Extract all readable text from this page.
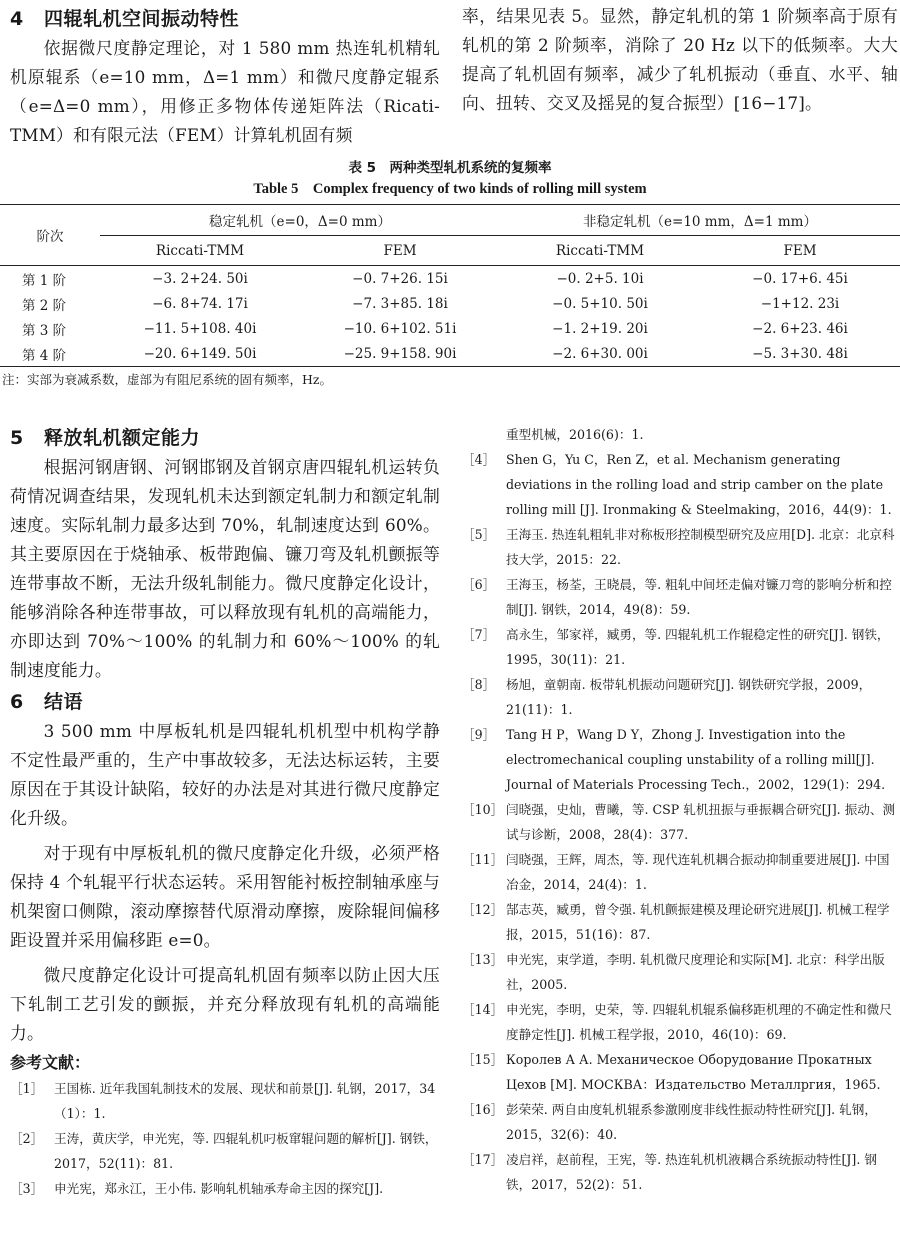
4 四辊轧机空间振动特性

依据微尺度静定理论，对 1 580 mm 热连轧机精轧机原辊系（e=10 mm，Δ=1 mm）和微尺度静定辊系（e=Δ=0 mm），用修正多物体传递矩阵法（Ricati-TMM）和有限元法（FEM）计算轧机固有频

率，结果见表 5。显然，静定轧机的第 1 阶频率高于原有轧机的第 2 阶频率，消除了 20 Hz 以下的低频率。大大提高了轧机固有频率，减少了轧机振动（垂直、水平、轴向、扭转、交叉及摇晃的复合振型）[16−17]。

表 5　两种类型轧机系统的复频率
Table 5　Complex frequency of two kinds of rolling mill system
阶次	稳定轧机（e=0，Δ=0 mm）		非稳定轧机（e=10 mm，Δ=1 mm）	
	Riccati-TMM	FEM	Riccati-TMM	FEM
第 1 阶	−3. 2+24. 50i	−0. 7+26. 15i	−0. 2+5. 10i	−0. 17+6. 45i
第 2 阶	−6. 8+74. 17i	−7. 3+85. 18i	−0. 5+10. 50i	−1+12. 23i
第 3 阶	−11. 5+108. 40i	−10. 6+102. 51i	−1. 2+19. 20i	−2. 6+23. 46i
第 4 阶	−20. 6+149. 50i	−25. 9+158. 90i	−2. 6+30. 00i	−5. 3+30. 48i
注：实部为衰减系数，虚部为有阻尼系统的固有频率，Hz。
5 释放轧机额定能力

根据河钢唐钢、河钢邯钢及首钢京唐四辊轧机运转负荷情况调查结果，发现轧机未达到额定轧制力和额定轧制速度。实际轧制力最多达到 70%，轧制速度达到 60%。其主要原因在于烧轴承、板带跑偏、镰刀弯及轧机颤振等连带事故不断，无法升级轧制能力。微尺度静定化设计，能够消除各种连带事故，可以释放现有轧机的高端能力，亦即达到 70%～100% 的轧制力和 60%～100% 的轧制速度能力。

6 结语

3 500 mm 中厚板轧机是四辊轧机机型中机构学静不定性最严重的，生产中事故较多，无法达标运转，主要原因在于其设计缺陷，较好的办法是对其进行微尺度静定化升级。

对于现有中厚板轧机的微尺度静定化升级，必须严格保持 4 个轧辊平行状态运转。采用智能衬板控制轴承座与机架窗口侧隙，滚动摩擦替代原滑动摩擦，废除辊间偏移距设置并采用偏移距 e=0。

微尺度静定化设计可提高轧机固有频率以防止因大压下轧制工艺引发的颤振，并充分释放现有轧机的高端能力。

参考文献：
［1］ 王国栋. 近年我国轧制技术的发展、现状和前景[J]. 轧钢，2017，34（1）：1.
［2］ 王涛，黄庆学，申光宪，等. 四辊轧机叼板窜辊问题的解析[J]. 钢铁，2017，52(11)：81.
［3］ 申光宪，郑永江，王小伟. 影响轧机轴承寿命主因的探究[J].
重型机械，2016(6)：1.
［4］ Shen G，Yu C，Ren Z，et al. Mechanism generating deviations in the rolling load and strip camber on the plate rolling mill [J]. Ironmaking & Steelmaking，2016，44(9)：1.
［5］ 王海玉. 热连轧粗轧非对称板形控制模型研究及应用[D]. 北京：北京科技大学，2015：22.
［6］ 王海玉，杨荃，王晓晨，等. 粗轧中间坯走偏对镰刀弯的影响分析和控制[J]. 钢铁，2014，49(8)：59.
［7］ 高永生，邹家祥，臧勇，等. 四辊轧机工作辊稳定性的研究[J]. 钢铁，1995，30(11)：21.
［8］ 杨旭，童朝南. 板带轧机振动问题研究[J]. 钢铁研究学报，2009，21(11)：1.
［9］ Tang H P，Wang D Y，Zhong J. Investigation into the electromechanical coupling unstability of a rolling mill[J]. Journal of Materials Processing Tech.，2002，129(1)：294.
［10］ 闫晓强，史灿，曹曦，等. CSP 轧机扭振与垂振耦合研究[J]. 振动、测试与诊断，2008，28(4)：377.
［11］ 闫晓强，王辉，周杰，等. 现代连轧机耦合振动抑制重要进展[J]. 中国冶金，2014，24(4)：1.
［12］ 郜志英，臧勇，曾令强. 轧机颤振建模及理论研究进展[J]. 机械工程学报，2015，51(16)：87.
［13］ 申光宪，束学道，李明. 轧机微尺度理论和实际[M]. 北京：科学出版社，2005.
［14］ 申光宪，李明，史荣，等. 四辊轧机辊系偏移距机理的不确定性和微尺度静定性[J]. 机械工程学报，2010，46(10)：69.
［15］ Королев А А. Механическое Оборудование Прокатных Цехов [М]. МОСКВА：Издательство Металлргия，1965.
［16］ 彭荣荣. 两自由度轧机辊系参激刚度非线性振动特性研究[J]. 轧钢，2015，32(6)：40.
［17］ 凌启祥，赵前程，王宪，等. 热连轧机机液耦合系统振动特性[J]. 钢铁，2017，52(2)：51.
